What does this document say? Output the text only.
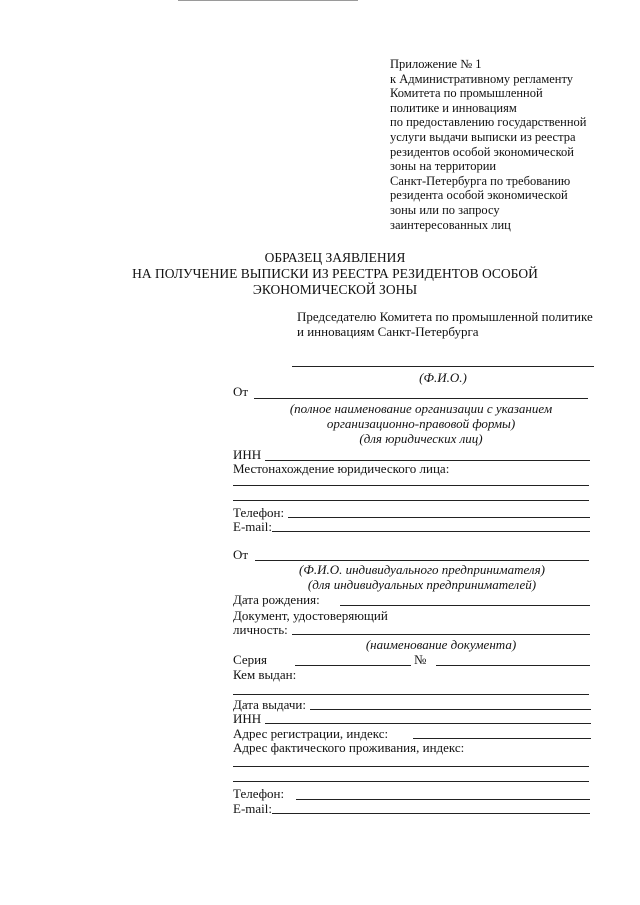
Приложение № 1
к Административному регламенту
Комитета по промышленной
политике и инновациям
по предоставлению государственной
услуги выдачи выписки из реестра
резидентов особой экономической
зоны на территории
Санкт-Петербурга по требованию
резидента особой экономической
зоны или по запросу
заинтересованных лиц
ОБРАЗЕЦ ЗАЯВЛЕНИЯ
НА ПОЛУЧЕНИЕ ВЫПИСКИ ИЗ РЕЕСТРА РЕЗИДЕНТОВ ОСОБОЙ
ЭКОНОМИЧЕСКОЙ ЗОНЫ
Председателю Комитета по промышленной политике
и инновациям Санкт-Петербурга
(Ф.И.О.)
От
(полное наименование организации с указанием
организационно-правовой формы)
(для юридических лиц)
ИНН
Местонахождение юридического лица:
Телефон:
E-mail:
От
(Ф.И.О. индивидуального предпринимателя)
(для индивидуальных предпринимателей)
Дата рождения:
Документ, удостоверяющий
личность:
(наименование документа)
Серия	№
Кем выдан:
Дата выдачи:
ИНН
Адрес регистрации, индекс:
Адрес фактического проживания, индекс:
Телефон:
E-mail:
